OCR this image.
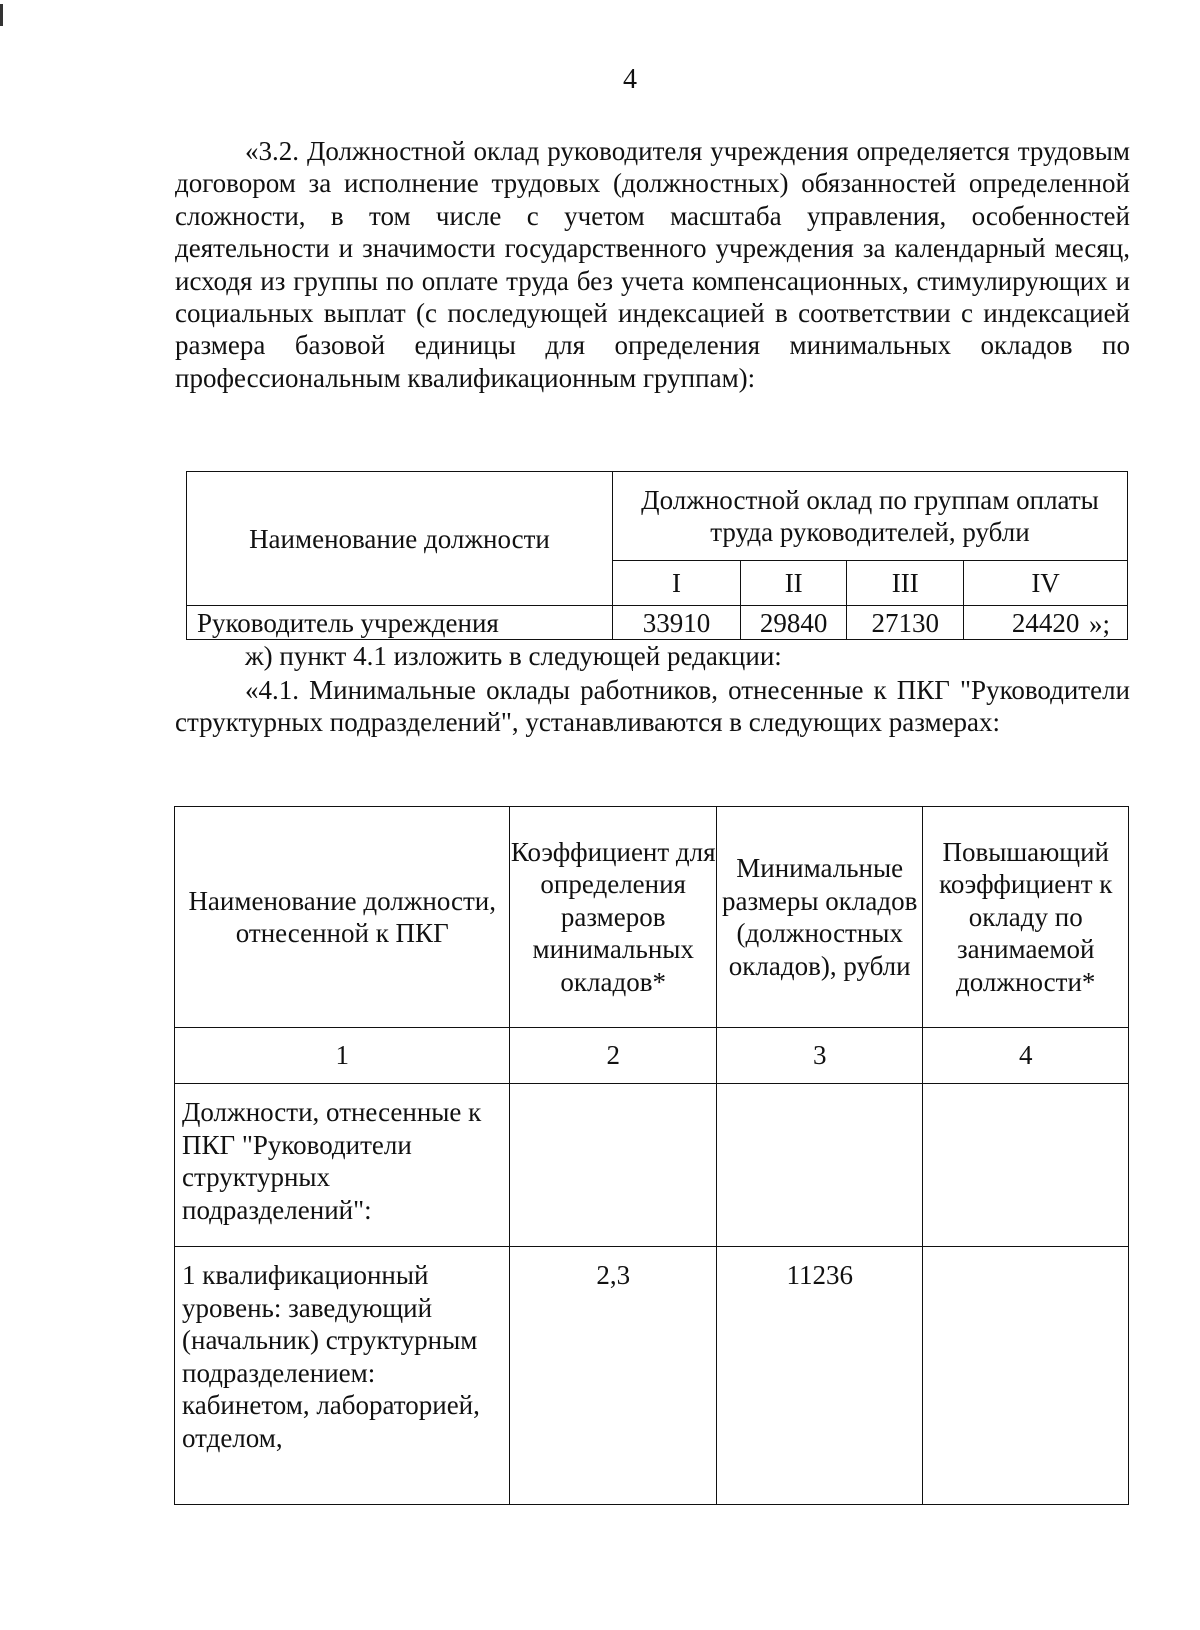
4

«3.2. Должностной оклад руководителя учреждения определяется трудовым договором за исполнение трудовых (должностных) обязанностей определенной сложности, в том числе с учетом масштаба управления, особенностей деятельности и значимости государственного учреждения за календарный месяц, исходя из группы по оплате труда без учета компенсационных, стимулирующих и социальных выплат (с последующей индексацией в соответствии с индексацией размера базовой единицы для определения минимальных окладов по профессиональным квалификационным группам):

Наименование должности	Должностной оклад по группам оплаты труда руководителей, рубли			
	I	II	III	IV
Руководитель учреждения	33910	29840	27130	24420 »;

ж) пункт 4.1 изложить в следующей редакции:

«4.1. Минимальные оклады работников, отнесенные к ПКГ "Руководители структурных подразделений", устанавливаются в следующих размерах:

Наименование должности, отнесенной к ПКГ	Коэффициент для определения размеров минимальных окладов*	Минимальные размеры окладов (должностных окладов), рубли	Повышающий коэффициент к окладу по занимаемой должности*
1	2	3	4
Должности, отнесенные к ПКГ "Руководители структурных подразделений":			
1 квалификационный уровень: заведующий (начальник) структурным подразделением: кабинетом, лабораторией, отделом,	2,3	11236	
